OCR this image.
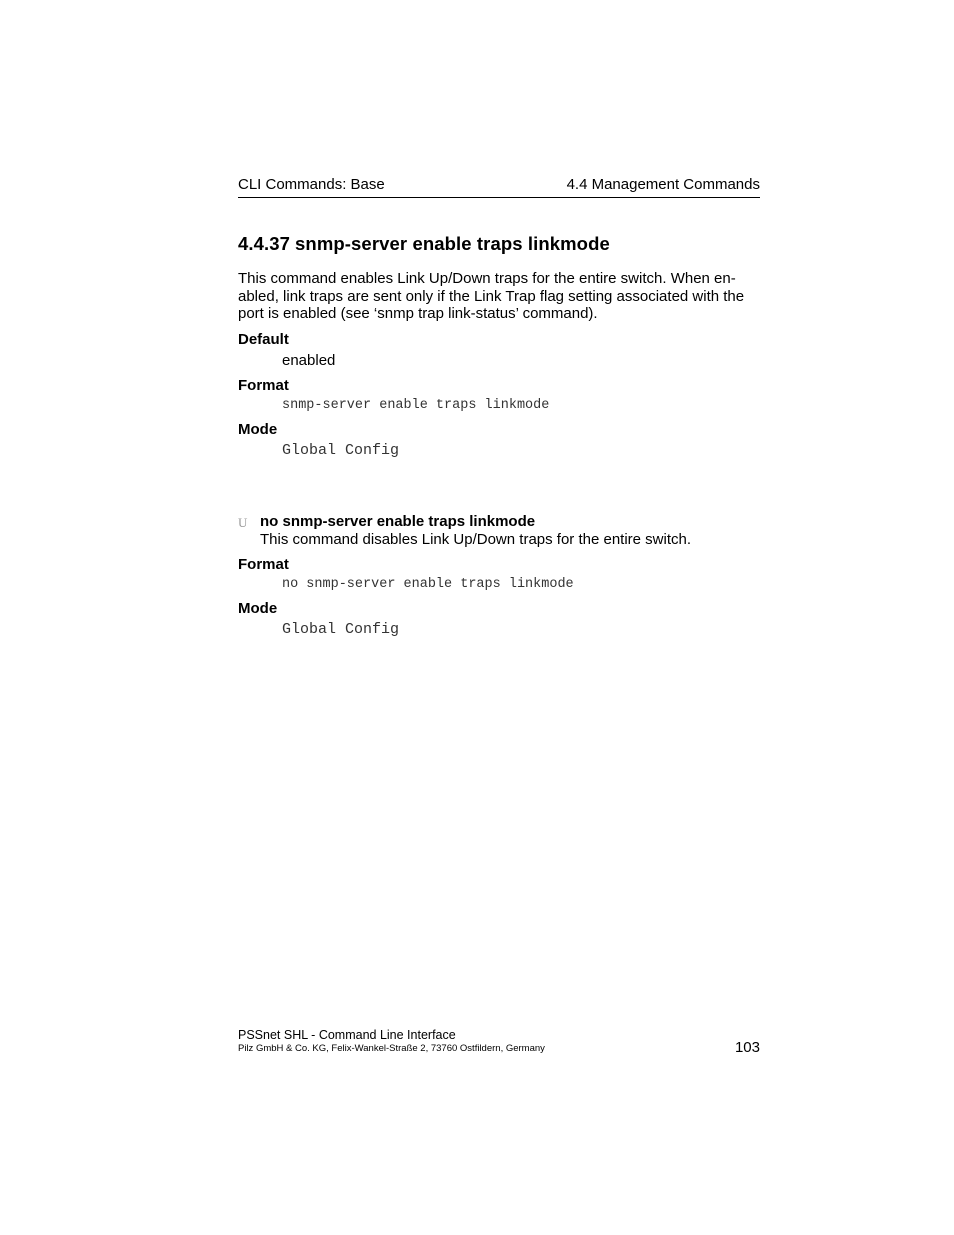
CLI Commands: Base	4.4 Management Commands
4.4.37 snmp-server enable traps linkmode
This command enables Link Up/Down traps for the entire switch. When en-
abled, link traps are sent only if the Link Trap flag setting associated with the
port is enabled (see ‘snmp trap link-status’ command).
Default
enabled
Format
snmp-server enable traps linkmode
Mode
Global Config
U no snmp-server enable traps linkmode
This command disables Link Up/Down traps for the entire switch.
Format
no snmp-server enable traps linkmode
Mode
Global Config
PSSnet SHL - Command Line Interface
Pilz GmbH & Co. KG, Felix-Wankel-Straße 2, 73760 Ostfildern, Germany	103
